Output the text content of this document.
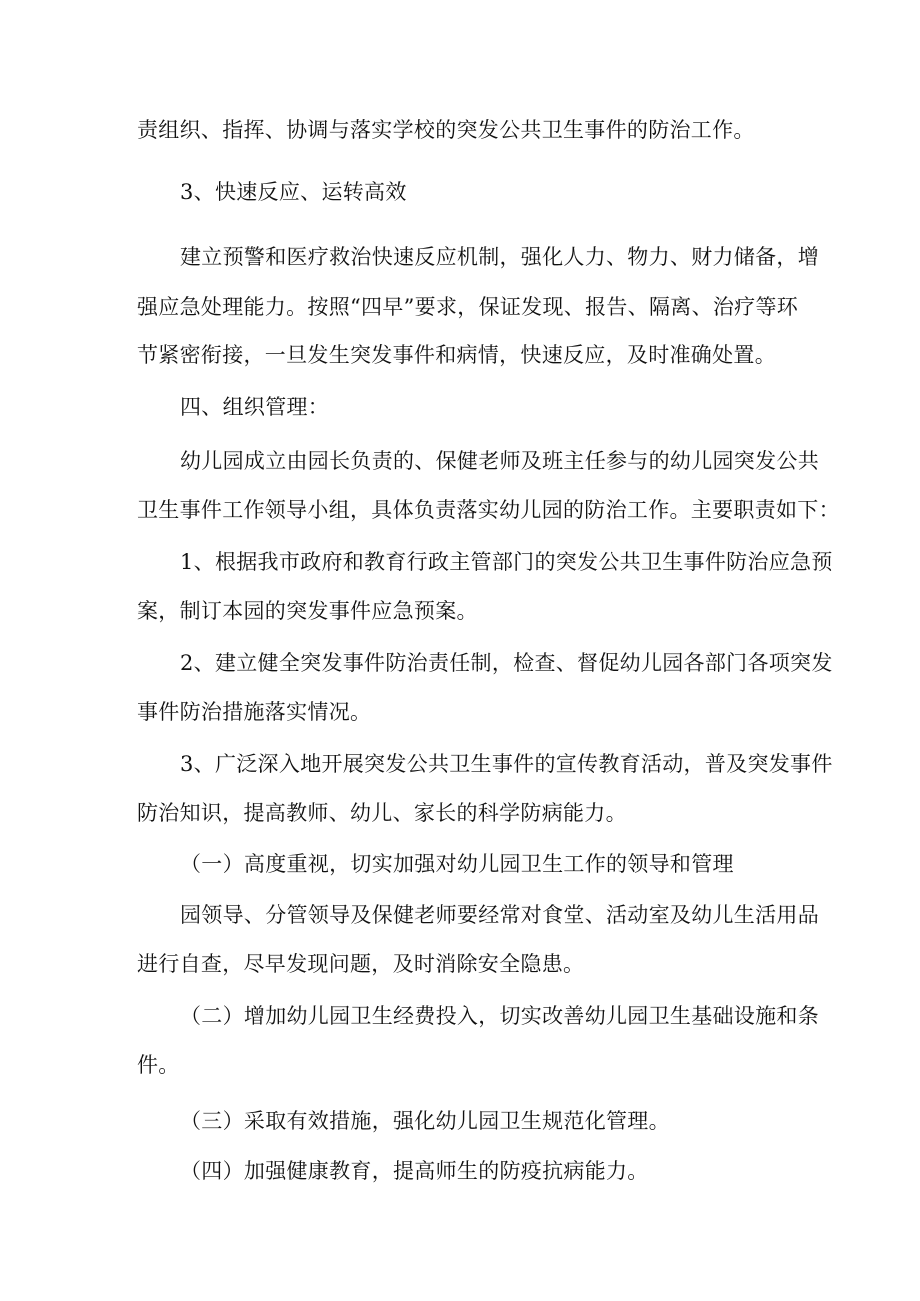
责组织、指挥、协调与落实学校的突发公共卫生事件的防治工作。
3、快速反应、运转高效
建立预警和医疗救治快速反应机制，强化人力、物力、财力储备，增
强应急处理能力。按照“四早”要求，保证发现、报告、隔离、治疗等环
节紧密衔接，一旦发生突发事件和病情，快速反应，及时准确处置。
四、组织管理：
幼儿园成立由园长负责的、保健老师及班主任参与的幼儿园突发公共
卫生事件工作领导小组，具体负责落实幼儿园的防治工作。主要职责如下：
1、根据我市政府和教育行政主管部门的突发公共卫生事件防治应急预
案，制订本园的突发事件应急预案。
2、建立健全突发事件防治责任制，检查、督促幼儿园各部门各项突发
事件防治措施落实情况。
3、广泛深入地开展突发公共卫生事件的宣传教育活动，普及突发事件
防治知识，提高教师、幼儿、家长的科学防病能力。
（一）高度重视，切实加强对幼儿园卫生工作的领导和管理
园领导、分管领导及保健老师要经常对食堂、活动室及幼儿生活用品
进行自查，尽早发现问题，及时消除安全隐患。
（二）增加幼儿园卫生经费投入，切实改善幼儿园卫生基础设施和条
件。
（三）采取有效措施，强化幼儿园卫生规范化管理。
（四）加强健康教育，提高师生的防疫抗病能力。
